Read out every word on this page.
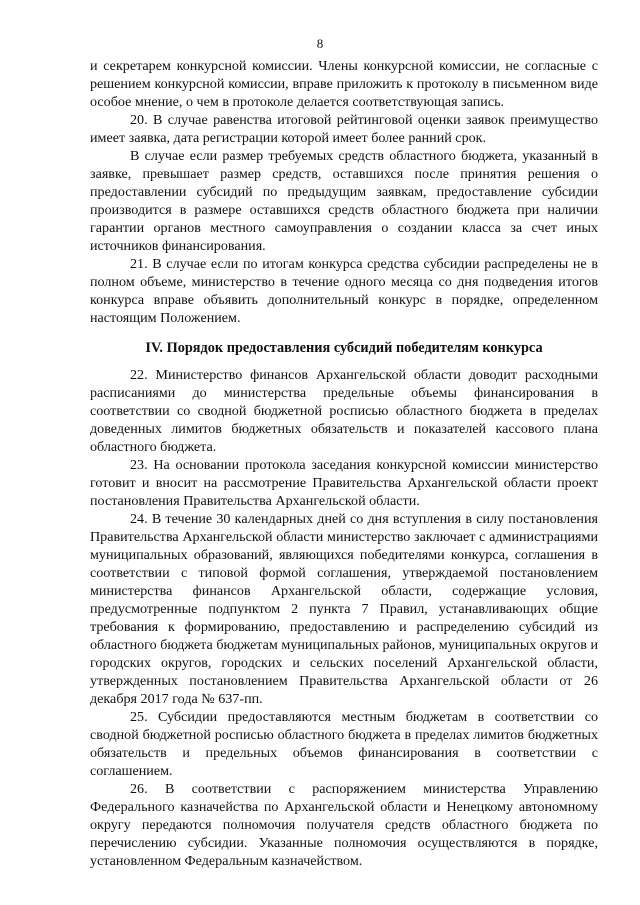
8

и секретарем конкурсной комиссии. Члены конкурсной комиссии, не согласные с решением конкурсной комиссии, вправе приложить к протоколу в письменном виде особое мнение, о чем в протоколе делается соответствующая запись.

20. В случае равенства итоговой рейтинговой оценки заявок преимущество имеет заявка, дата регистрации которой имеет более ранний срок.

В случае если размер требуемых средств областного бюджета, указанный в заявке, превышает размер средств, оставшихся после принятия решения о предоставлении субсидий по предыдущим заявкам, предоставление субсидии производится в размере оставшихся средств областного бюджета при наличии гарантии органов местного самоуправления о создании класса за счет иных источников финансирования.

21. В случае если по итогам конкурса средства субсидии распределены не в полном объеме, министерство в течение одного месяца со дня подведения итогов конкурса вправе объявить дополнительный конкурс в порядке, определенном настоящим Положением.

IV. Порядок предоставления субсидий победителям конкурса

22. Министерство финансов Архангельской области доводит расходными расписаниями до министерства предельные объемы финансирования в соответствии со сводной бюджетной росписью областного бюджета в пределах доведенных лимитов бюджетных обязательств и показателей кассового плана областного бюджета.

23. На основании протокола заседания конкурсной комиссии министерство готовит и вносит на рассмотрение Правительства Архангельской области проект постановления Правительства Архангельской области.

24. В течение 30 календарных дней со дня вступления в силу постановления Правительства Архангельской области министерство заключает с администрациями муниципальных образований, являющихся победителями конкурса, соглашения в соответствии с типовой формой соглашения, утверждаемой постановлением министерства финансов Архангельской области, содержащие условия, предусмотренные подпунктом 2 пункта 7 Правил, устанавливающих общие требования к формированию, предоставлению и распределению субсидий из областного бюджета бюджетам муниципальных районов, муниципальных округов и городских округов, городских и сельских поселений Архангельской области, утвержденных постановлением Правительства Архангельской области от 26 декабря 2017 года № 637-пп.

25. Субсидии предоставляются местным бюджетам в соответствии со сводной бюджетной росписью областного бюджета в пределах лимитов бюджетных обязательств и предельных объемов финансирования в соответствии с соглашением.

26. В соответствии с распоряжением министерства Управлению Федерального казначейства по Архангельской области и Ненецкому автономному округу передаются полномочия получателя средств областного бюджета по перечислению субсидии. Указанные полномочия осуществляются в порядке, установленном Федеральным казначейством.
